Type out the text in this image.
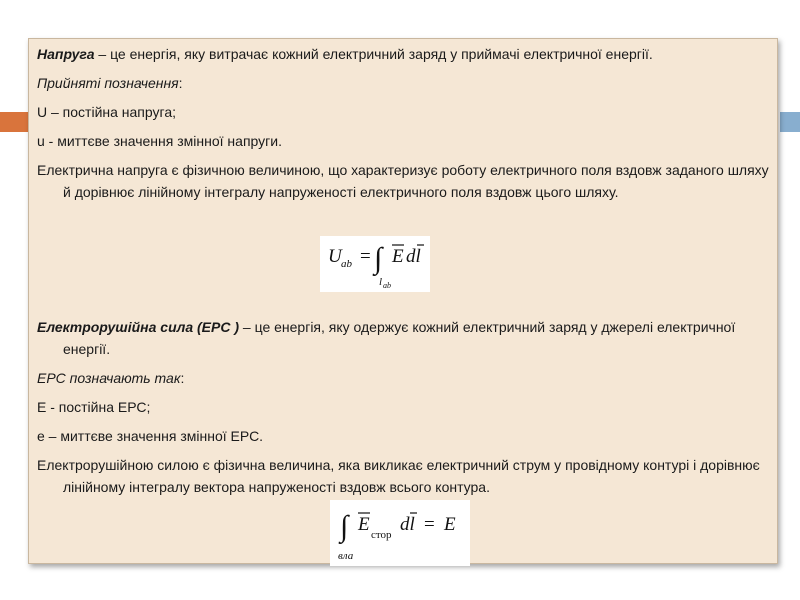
Напруга – це енергія, яку витрачає кожний електричний заряд у приймачі електричної енергії.

Прийняті позначення:

U – постійна напруга;

u - миттєве значення змінної напруги.

Електрична напруга є фізичною величиною, що характеризує роботу електричного поля вздовж заданого шляху й дорівнює лінійному інтегралу напруженості електричного поля вздовж цього шляху.

Електрорушійна сила (ЕРС ) – це енергія, яку одержує кожний електричний заряд у джерелі електричної енергії.

ЕРС позначають так:

Е - постійна ЕРС;

е – миттєве значення змінної ЕРС.

Електрорушійною силою є фізична величина, яка викликає електричний струм у провідному контурі і дорівнює лінійному інтегралу вектора напруженості вздовж всього контура.

U ab = ∫ E dl
l ab
∫ E стор dl = E
вла
